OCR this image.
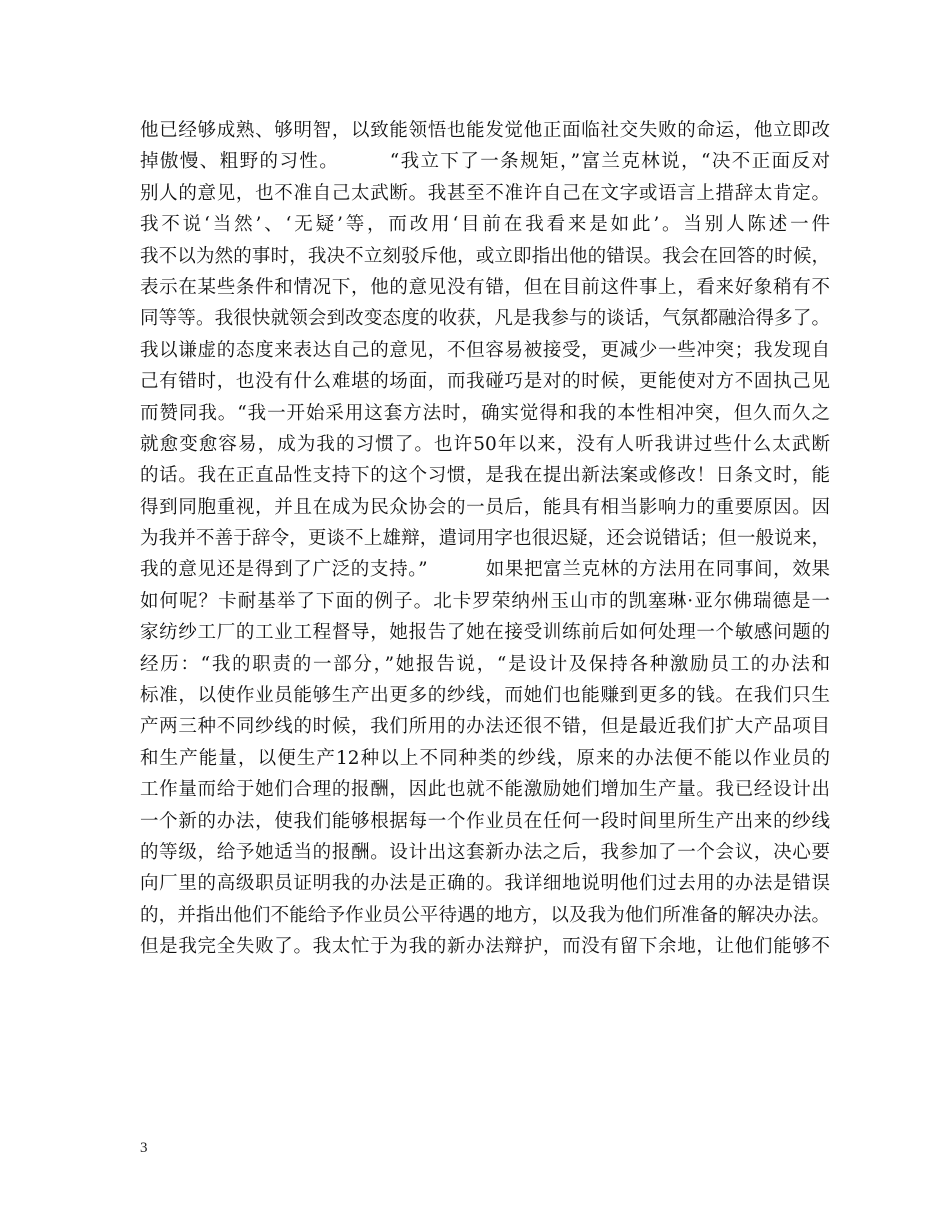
他已经够成熟、够明智，以致能领悟也能发觉他正面临社交失败的命运，他立即改
掉傲慢、粗野的习性。　　　“我立下了一条规矩，”富兰克林说，“决不正面反对
别人的意见，也不准自己太武断。我甚至不准许自己在文字或语言上措辞太肯定。
我不说‘当然’、‘无疑’等，而改用‘目前在我看来是如此’。当别人陈述一件
我不以为然的事时，我决不立刻驳斥他，或立即指出他的错误。我会在回答的时候，
表示在某些条件和情况下，他的意见没有错，但在目前这件事上，看来好象稍有不
同等等。我很快就领会到改变态度的收获，凡是我参与的谈话，气氛都融洽得多了。
我以谦虚的态度来表达自己的意见，不但容易被接受，更减少一些冲突；我发现自
己有错时，也没有什么难堪的场面，而我碰巧是对的时候，更能使对方不固执己见
而赞同我。“我一开始采用这套方法时，确实觉得和我的本性相冲突，但久而久之
就愈变愈容易，成为我的习惯了。也许50年以来，没有人听我讲过些什么太武断
的话。我在正直品性支持下的这个习惯，是我在提出新法案或修改！日条文时，能
得到同胞重视，并且在成为民众协会的一员后，能具有相当影响力的重要原因。因
为我并不善于辞令，更谈不上雄辩，遣词用字也很迟疑，还会说错话；但一般说来，
我的意见还是得到了广泛的支持。”　　　如果把富兰克林的方法用在同事间，效果
如何呢？卡耐基举了下面的例子。北卡罗荣纳州玉山市的凯塞琳·亚尔佛瑞德是一
家纺纱工厂的工业工程督导，她报告了她在接受训练前后如何处理一个敏感问题的
经历：“我的职责的一部分，”她报告说，“是设计及保持各种激励员工的办法和
标准，以使作业员能够生产出更多的纱线，而她们也能赚到更多的钱。在我们只生
产两三种不同纱线的时候，我们所用的办法还很不错，但是最近我们扩大产品项目
和生产能量，以便生产12种以上不同种类的纱线，原来的办法便不能以作业员的
工作量而给于她们合理的报酬，因此也就不能激励她们增加生产量。我已经设计出
一个新的办法，使我们能够根据每一个作业员在任何一段时间里所生产出来的纱线
的等级，给予她适当的报酬。设计出这套新办法之后，我参加了一个会议，决心要
向厂里的高级职员证明我的办法是正确的。我详细地说明他们过去用的办法是错误
的，并指出他们不能给予作业员公平待遇的地方，以及我为他们所准备的解决办法。
但是我完全失败了。我太忙于为我的新办法辩护，而没有留下余地，让他们能够不
3
